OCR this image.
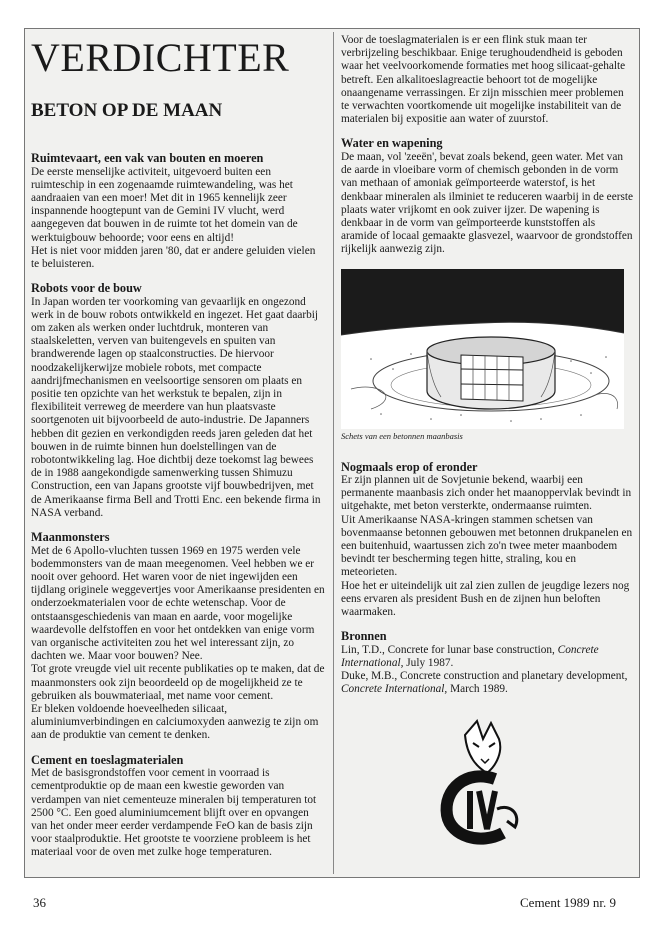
VERDICHTER
BETON OP DE MAAN

Ruimtevaart, een vak van bouten en moeren

De eerste menselijke activiteit, uitgevoerd buiten een ruimteschip in een zogenaamde ruimtewandeling, was het aandraaien van een moer! Met dit in 1965 kennelijk zeer inspannende hoogtepunt van de Gemini IV vlucht, werd aangegeven dat bouwen in de ruimte tot het domein van de werktuigbouw behoorde; voor eens en altijd!

Het is niet voor midden jaren '80, dat er andere geluiden vielen te beluisteren.

Robots voor de bouw

In Japan worden ter voorkoming van gevaarlijk en ongezond werk in de bouw robots ontwikkeld en ingezet. Het gaat daarbij om zaken als werken onder luchtdruk, monteren van staalskeletten, verven van buitengevels en spuiten van brandwerende lagen op staalconstructies. De hiervoor noodzakelijkerwijze mobiele robots, met compacte aandrijfmechanismen en veelsoortige sensoren om plaats en positie ten opzichte van het werkstuk te bepalen, zijn in flexibiliteit verreweg de meerdere van hun plaatsvaste soortgenoten uit bijvoorbeeld de auto-industrie. De Japanners hebben dit gezien en verkondigden reeds jaren geleden dat het bouwen in de ruimte binnen hun doelstellingen van de robotontwikkeling lag. Hoe dichtbij deze toekomst lag bewees de in 1988 aangekondigde samenwerking tussen Shimuzu Construction, een van Japans grootste vijf bouwbedrijven, met de Amerikaanse firma Bell and Trotti Enc. een bekende firma in NASA verband.

Maanmonsters

Met de 6 Apollo-vluchten tussen 1969 en 1975 werden vele bodemmonsters van de maan meegenomen. Veel hebben we er nooit over gehoord. Het waren voor de niet ingewijden een tijdlang originele weggevertjes voor Amerikaanse presidenten en onderzoekmaterialen voor de echte wetenschap. Voor de ontstaansgeschiedenis van maan en aarde, voor mogelijke waardevolle delfstoffen en voor het ontdekken van enige vorm van organische activiteiten zou het wel interessant zijn, zo dachten we. Maar voor bouwen? Nee.

Tot grote vreugde viel uit recente publikaties op te maken, dat de maanmonsters ook zijn beoordeeld op de mogelijkheid ze te gebruiken als bouwmateriaal, met name voor cement.

Er bleken voldoende hoeveelheden silicaat, aluminiumverbindingen en calciumoxyden aanwezig te zijn om aan de produktie van cement te denken.

Cement en toeslagmaterialen

Met de basisgrondstoffen voor cement in voorraad is cementproduktie op de maan een kwestie geworden van verdampen van niet cementeuze mineralen bij temperaturen tot 2500 °C. Een goed aluminiumcement blijft over en opvangen van het onder meer eerder verdampende FeO kan de basis zijn voor staalproduktie. Het grootste te voorziene probleem is het materiaal voor de oven met zulke hoge temperaturen.

Voor de toeslagmaterialen is er een flink stuk maan ter verbrijzeling beschikbaar. Enige terughoudendheid is geboden waar het veelvoorkomende formaties met hoog silicaat-gehalte betreft. Een alkalitoeslagreactie behoort tot de mogelijke onaangename verrassingen. Er zijn misschien meer problemen te verwachten voortkomende uit mogelijke instabiliteit van de materialen bij expositie aan water of zuurstof.

Water en wapening

De maan, vol 'zeeën', bevat zoals bekend, geen water. Met van de aarde in vloeibare vorm of chemisch gebonden in de vorm van methaan of amoniak geïmporteerde waterstof, is het denkbaar mineralen als ilminiet te reduceren waarbij in de eerste plaats water vrijkomt en ook zuiver ijzer. De wapening is denkbaar in de vorm van geïmporteerde kunststoffen als aramide of locaal gemaakte glasvezel, waarvoor de grondstoffen rijkelijk aanwezig zijn.

Schets van een betonnen maanbasis

Nogmaals erop of eronder

Er zijn plannen uit de Sovjetunie bekend, waarbij een permanente maanbasis zich onder het maanoppervlak bevindt in uitgehakte, met beton versterkte, ondermaanse ruimten.

Uit Amerikaanse NASA-kringen stammen schetsen van bovenmaanse betonnen gebouwen met betonnen drukpanelen en een buitenhuid, waartussen zich zo'n twee meter maanbodem bevindt ter bescherming tegen hitte, straling, kou en meteorieten.

Hoe het er uiteindelijk uit zal zien zullen de jeugdige lezers nog eens ervaren als president Bush en de zijnen hun beloften waarmaken.

Bronnen

Lin, T.D., Concrete for lunar base construction, Concrete International, July 1987.

Duke, M.B., Concrete construction and planetary development, Concrete International, March 1989.

36	Cement 1989 nr. 9
